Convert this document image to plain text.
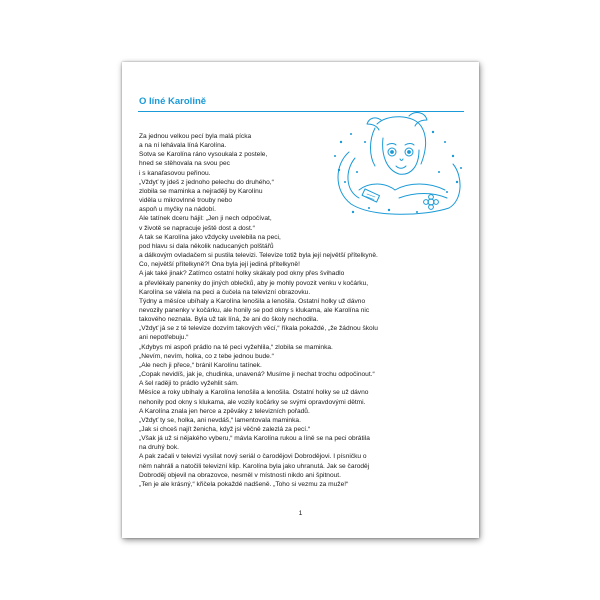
O líné Karolině
Za jednou velkou pecí byla malá pícka
a na ní lehávala líná Karolína.
Sotva se Karolína ráno vysoukala z postele,
hned se stěhovala na svou pec
i s kanafasovou peřinou.
„Vždyť ty jdeš z jednoho pelechu do druhého,“
zlobila se maminka a nejraději by Karolínu
viděla u mikrovlnné trouby nebo
aspoň u myčky na nádobí.
Ale tatínek dceru hájil: „Jen ji nech odpočívat,
v životě se napracuje ještě dost a dost.“
A tak se Karolína jako vždycky uvelebila na peci,
pod hlavu si dala několik naducaných polštářů
a dálkovým ovladačem si pustila televizi. Televize totiž byla její největší přítelkyně.
Co, největší přítelkyně?! Ona byla její jediná přítelkyně!
A jak také jinak? Zatímco ostatní holky skákaly pod okny přes švihadlo
a převlékaly panenky do jiných oblečků, aby je mohly povozit venku v kočárku,
Karolína se válela na peci a čučela na televizní obrazovku.
Týdny a měsíce ubíhaly a Karolína lenošila a lenošila. Ostatní holky už dávno
nevozily panenky v kočárku, ale honily se pod okny s klukama, ale Karolína nic
takového neznala. Byla už tak líná, že ani do školy nechodila.
„Vždyť já se z té televize dozvím takových věcí,“ říkala pokaždé, „že žádnou školu
ani nepotřebuju.“
„Kdybys mi aspoň prádlo na té peci vyžehlila,“ zlobila se maminka.
„Nevím, nevím, holka, co z tebe jednou bude.“
„Ale nech ji přece,“ bránil Karolínu tatínek.
„Copak nevidíš, jak je, chudinka, unavená? Musíme ji nechat trochu odpočinout.“
A šel raději to prádlo vyžehlit sám.
Měsíce a roky ubíhaly a Karolína lenošila a lenošila. Ostatní holky se už dávno
nehonily pod okny s klukama, ale vozily kočárky se svými opravdovými dětmi.
A Karolína znala jen herce a zpěváky z televizních pořadů.
„Vždyť ty se, holka, ani nevdáš,“ lamentovala maminka.
„Jak si chceš najít ženicha, když jsi věčně zalezlá za pecí.“
„Však já už si nějakého vyberu,“ mávla Karolína rukou a líně se na peci obrátila
na druhý bok.
A pak začali v televizi vysílat nový seriál o čarodějovi Dobroděјovi. I písničku o
něm nahráli a natočili televizní klip. Karolína byla jako uhranutá. Jak se čaroděj
Dobroděj objevil na obrazovce, nesměl v místnosti nikdo ani špitnout.
„Ten je ale krásný,“ křičela pokaždé nadšeně. „Toho si vezmu za muže!“
1
